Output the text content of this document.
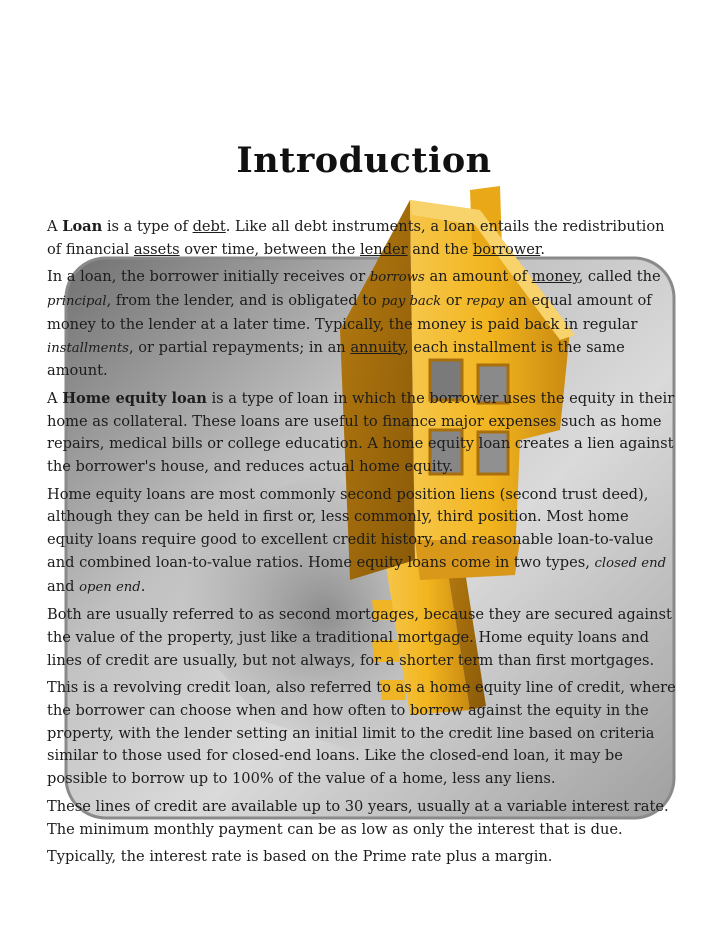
Introduction

A Loan is a type of debt. Like all debt instruments, a loan entails the redistribution of financial assets over time, between the lender and the borrower.

In a loan, the borrower initially receives or borrows an amount of money, called the principal, from the lender, and is obligated to pay back or repay an equal amount of money to the lender at a later time. Typically, the money is paid back in regular installments, or partial repayments; in an annuity, each installment is the same amount.

A Home equity loan is a type of loan in which the borrower uses the equity in their home as collateral. These loans are useful to finance major expenses such as home repairs, medical bills or college education. A home equity loan creates a lien against the borrower's house, and reduces actual home equity.

Home equity loans are most commonly second position liens (second trust deed), although they can be held in first or, less commonly, third position. Most home equity loans require good to excellent credit history, and reasonable loan-to-value and combined loan-to-value ratios. Home equity loans come in two types, closed end and open end.

Both are usually referred to as second mortgages, because they are secured against the value of the property, just like a traditional mortgage. Home equity loans and lines of credit are usually, but not always, for a shorter term than first mortgages.

This is a revolving credit loan, also referred to as a home equity line of credit, where the borrower can choose when and how often to borrow against the equity in the property, with the lender setting an initial limit to the credit line based on criteria similar to those used for closed-end loans. Like the closed-end loan, it may be possible to borrow up to 100% of the value of a home, less any liens.

These lines of credit are available up to 30 years, usually at a variable interest rate. The minimum monthly payment can be as low as only the interest that is due.

Typically, the interest rate is based on the Prime rate plus a margin.
